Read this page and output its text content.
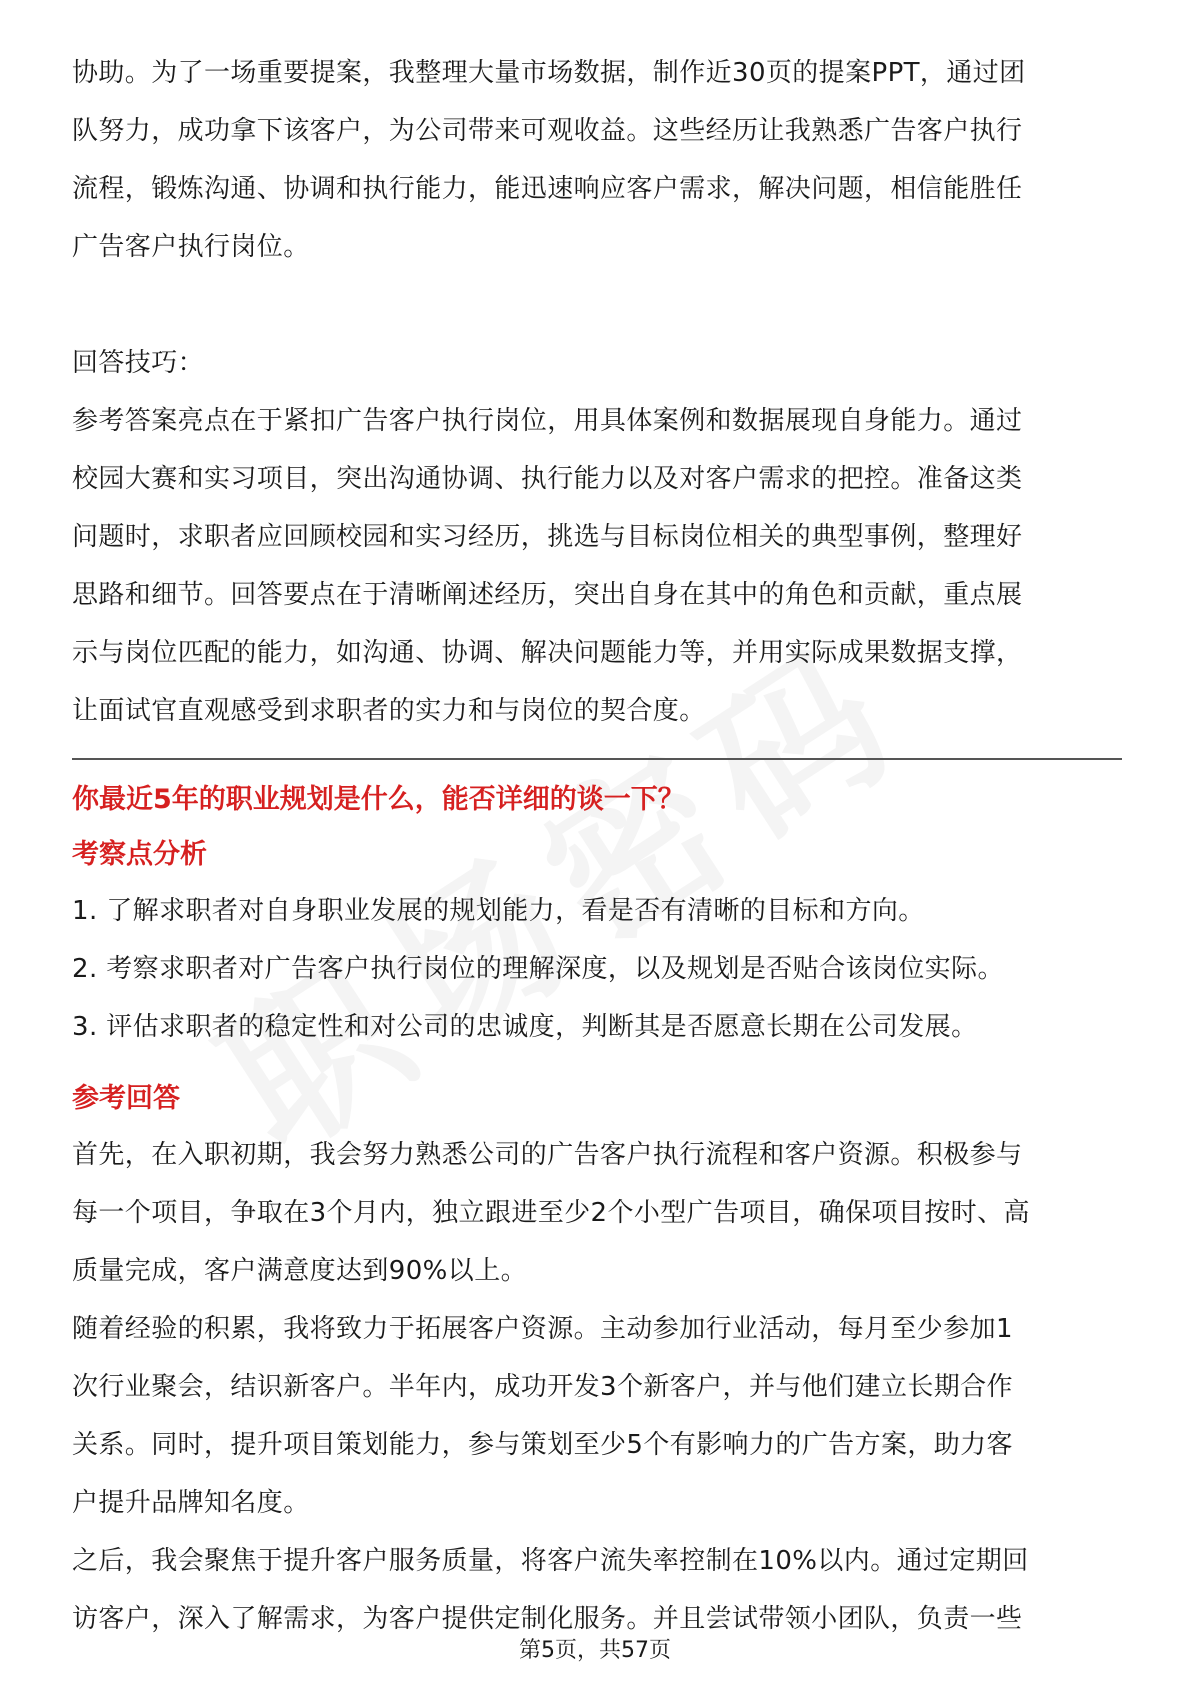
协助。为了一场重要提案，我整理大量市场数据，制作近30页的提案PPT，通过团

队努力，成功拿下该客户，为公司带来可观收益。这些经历让我熟悉广告客户执行

流程，锻炼沟通、协调和执行能力，能迅速响应客户需求，解决问题，相信能胜任

广告客户执行岗位。

回答技巧：

参考答案亮点在于紧扣广告客户执行岗位，用具体案例和数据展现自身能力。通过

校园大赛和实习项目，突出沟通协调、执行能力以及对客户需求的把控。准备这类

问题时，求职者应回顾校园和实习经历，挑选与目标岗位相关的典型事例，整理好

思路和细节。回答要点在于清晰阐述经历，突出自身在其中的角色和贡献，重点展

示与岗位匹配的能力，如沟通、协调、解决问题能力等，并用实际成果数据支撑，

让面试官直观感受到求职者的实力和与岗位的契合度。

你最近5年的职业规划是什么，能否详细的谈一下？

考察点分析

1. 了解求职者对自身职业发展的规划能力，看是否有清晰的目标和方向。
2. 考察求职者对广告客户执行岗位的理解深度，以及规划是否贴合该岗位实际。
3. 评估求职者的稳定性和对公司的忠诚度，判断其是否愿意长期在公司发展。

参考回答

首先，在入职初期，我会努力熟悉公司的广告客户执行流程和客户资源。积极参与

每一个项目，争取在3个月内，独立跟进至少2个小型广告项目，确保项目按时、高

质量完成，客户满意度达到90%以上。

随着经验的积累，我将致力于拓展客户资源。主动参加行业活动，每月至少参加1

次行业聚会，结识新客户。半年内，成功开发3个新客户，并与他们建立长期合作

关系。同时，提升项目策划能力，参与策划至少5个有影响力的广告方案，助力客

户提升品牌知名度。

之后，我会聚焦于提升客户服务质量，将客户流失率控制在10%以内。通过定期回

访客户，深入了解需求，为客户提供定制化服务。并且尝试带领小团队，负责一些

第5页，共57页
